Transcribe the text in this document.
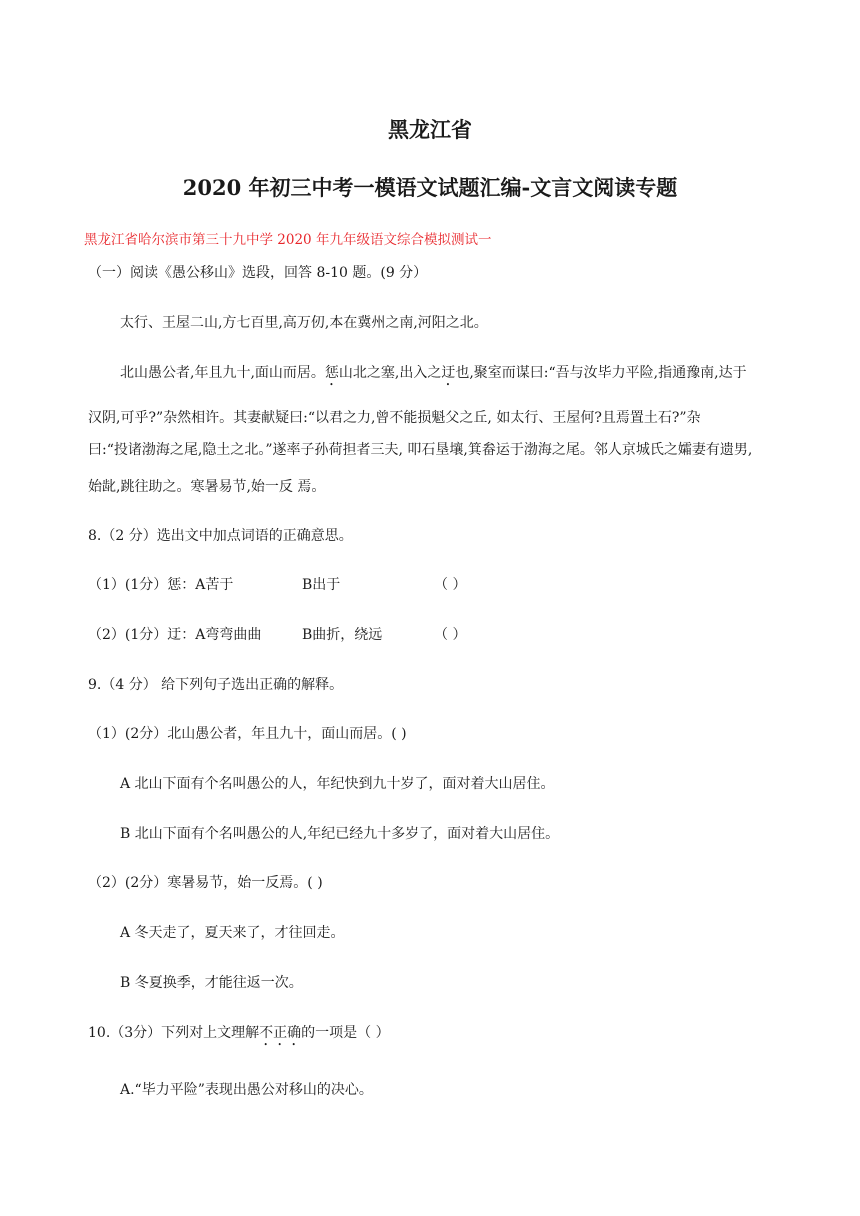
黑龙江省
2020 年初三中考一模语文试题汇编-文言文阅读专题
黑龙江省哈尔滨市第三十九中学 2020 年九年级语文综合模拟测试一
（一）阅读《愚公移山》选段，回答 8-10 题。(9 分）
太行、王屋二山,方七百里,高万仞,本在冀州之南,河阳之北。
北山愚公者,年且九十,面山而居。惩山北之塞,出入之迂也,聚室而谋曰:“吾与汝毕力平险,指通豫南,达于
汉阴,可乎?”杂然相许。其妻献疑曰:“以君之力,曾不能损魁父之丘, 如太行、王屋何?且焉置土石?”杂
曰:“投诸渤海之尾,隐土之北。”遂率子孙荷担者三夫, 叩石垦壤,箕畚运于渤海之尾。邻人京城氏之孀妻有遗男,
始龀,跳往助之。寒暑易节,始一反 焉。
8.（2 分）选出文中加点词语的正确意思。
（1）(1分）惩：A苦于	B出于	（ ）
（2）(1分）迂：A弯弯曲曲	B曲折，绕远	（ ）
9.（4 分） 给下列句子选出正确的解释。
（1）(2分）北山愚公者，年且九十，面山而居。( )
A 北山下面有个名叫愚公的人，年纪快到九十岁了，面对着大山居住。
B 北山下面有个名叫愚公的人,年纪已经九十多岁了，面对着大山居住。
（2）(2分）寒暑易节，始一反焉。( )
A 冬天走了，夏天来了，才往回走。
B 冬夏换季，才能往返一次。
10.（3分）下列对上文理解不正确的一项是（ ）
A.“毕力平险”表现出愚公对移山的决心。
